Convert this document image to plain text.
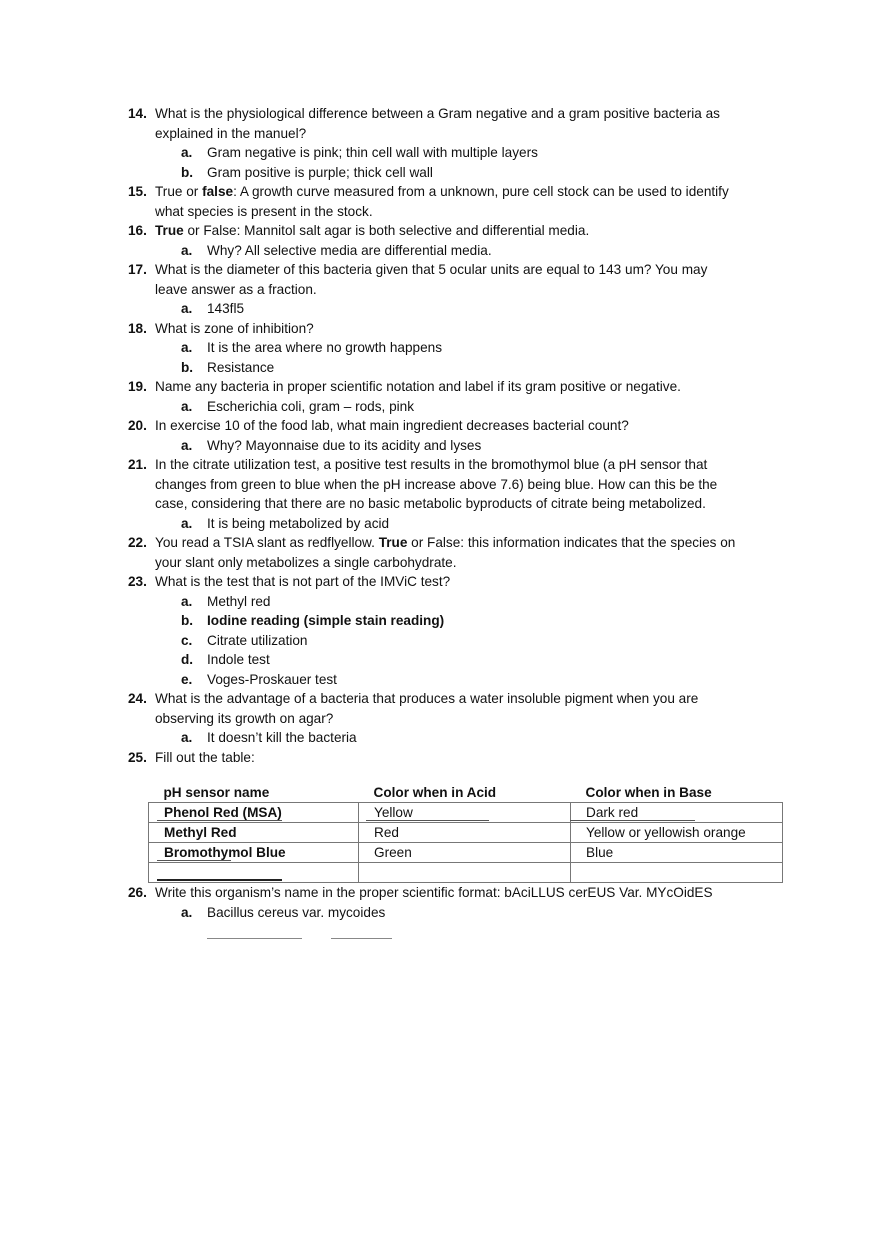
14. What is the physiological difference between a Gram negative and a gram positive bacteria as
explained in the manuel?
a. Gram negative is pink; thin cell wall with multiple layers
b. Gram positive is purple; thick cell wall
15. True or false: A growth curve measured from a unknown, pure cell stock can be used to identify
what species is present in the stock.
16. True or False: Mannitol salt agar is both selective and differential media.
a. Why? All selective media are differential media.
17. What is the diameter of this bacteria given that 5 ocular units are equal to 143 um? You may
leave answer as a fraction.
a. 143fl5
18. What is zone of inhibition?
a. It is the area where no growth happens
b. Resistance
19. Name any bacteria in proper scientific notation and label if its gram positive or negative.
a. Escherichia coli, gram – rods, pink
20. In exercise 10 of the food lab, what main ingredient decreases bacterial count?
a. Why? Mayonnaise due to its acidity and lyses
21. In the citrate utilization test, a positive test results in the bromothymol blue (a pH sensor that
changes from green to blue when the pH increase above 7.6) being blue. How can this be the
case, considering that there are no basic metabolic byproducts of citrate being metabolized.
a. It is being metabolized by acid
22. You read a TSIA slant as redflyellow. True or False: this information indicates that the species on
your slant only metabolizes a single carbohydrate.
23. What is the test that is not part of the IMViC test?
a. Methyl red
b. Iodine reading (simple stain reading)
c. Citrate utilization
d. Indole test
e. Voges-Proskauer test
24. What is the advantage of a bacteria that produces a water insoluble pigment when you are
observing its growth on agar?
a. It doesn’t kill the bacteria
25. Fill out the table:
pH sensor name	Color when in Acid	Color when in Base
Phenol Red (MSA)	Yellow	Dark red
Methyl Red	Red	Yellow or yellowish orange
Bromothymol Blue	Green	Blue

26. Write this organism’s name in the proper scientific format: bAciLLUS cerEUS Var. MYcOidES
a. Bacillus cereus var. mycoides
